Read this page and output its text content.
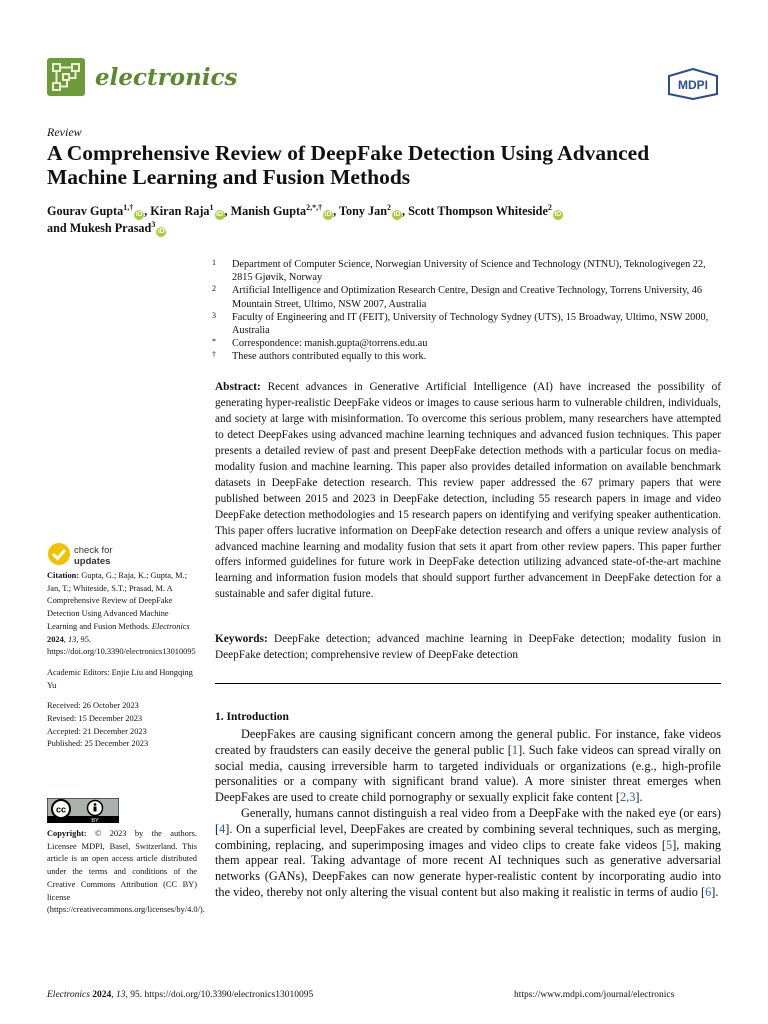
electronics	MDPI
Review
A Comprehensive Review of DeepFake Detection Using Advanced Machine Learning and Fusion Methods
Gourav Gupta$^{1,\dagger}$iD , Kiran Raja$^1$iD , Manish Gupta$^{2,*,\dagger}$iD , Tony Jan$^2$iD , Scott Thompson Whiteside$^2$iD
and Mukesh Prasad$^3$iD
1 Department of Computer Science, Norwegian University of Science and Technology (NTNU), Teknologivegen 22, 2815 Gjøvik, Norway
2 Artificial Intelligence and Optimization Research Centre, Design and Creative Technology, Torrens University, 46 Mountain Street, Ultimo, NSW 2007, Australia
3 Faculty of Engineering and IT (FEIT), University of Technology Sydney (UTS), 15 Broadway, Ultimo, NSW 2000, Australia
* Correspondence: manish.gupta@torrens.edu.au
† These authors contributed equally to this work.
Abstract: Recent advances in Generative Artificial Intelligence (AI) have increased the possibility of generating hyper-realistic DeepFake videos or images to cause serious harm to vulnerable children, individuals, and society at large with misinformation. To overcome this serious problem, many researchers have attempted to detect DeepFakes using advanced machine learning techniques and advanced fusion techniques. This paper presents a detailed review of past and present DeepFake detection methods with a particular focus on media-modality fusion and machine learning. This paper also provides detailed information on available benchmark datasets in DeepFake detection research. This review paper addressed the 67 primary papers that were published between 2015 and 2023 in DeepFake detection, including 55 research papers in image and video DeepFake detection methodologies and 15 research papers on identifying and verifying speaker authentication. This paper offers lucrative information on DeepFake detection research and offers a unique review analysis of advanced machine learning and modality fusion that sets it apart from other review papers. This paper further offers informed guidelines for future work in DeepFake detection utilizing advanced state-of-the-art machine learning and information fusion models that should support further advancement in DeepFake detection for a sustainable and safer digital future.
Keywords: DeepFake detection; advanced machine learning in DeepFake detection; modality fusion in DeepFake detection; comprehensive review of DeepFake detection
1. Introduction

DeepFakes are causing significant concern among the general public. For instance, fake videos created by fraudsters can easily deceive the general public [1]. Such fake videos can spread virally on social media, causing irreversible harm to targeted individuals or organizations (e.g., high-profile personalities or a company with significant brand value). A more sinister threat emerges when DeepFakes are used to create child pornography or sexually explicit fake content [2,3].

Generally, humans cannot distinguish a real video from a DeepFake with the naked eye (or ears) [4]. On a superficial level, DeepFakes are created by combining several techniques, such as merging, combining, replacing, and superimposing images and video clips to create fake videos [5], making them appear real. Taking advantage of more recent AI techniques such as generative adversarial networks (GANs), DeepFakes can now generate hyper-realistic content by incorporating audio into the video, thereby not only altering the visual content but also making it realistic in terms of audio [6].

check for
updates
Citation: Gupta, G.; Raja, K.; Gupta, M.; Jan, T.; Whiteside, S.T.; Prasad, M. A Comprehensive Review of DeepFake Detection Using Advanced Machine Learning and Fusion Methods. Electronics 2024, 13, 95. https://doi.org/10.3390/electronics13010095
Academic Editors: Enjie Liu and Hongqing Yu
Received: 26 October 2023
Revised: 15 December 2023
Accepted: 21 December 2023
Published: 25 December 2023
cc
BY
Copyright: © 2023 by the authors. Licensee MDPI, Basel, Switzerland. This article is an open access article distributed under the terms and conditions of the Creative Commons Attribution (CC BY) license (https://creativecommons.org/licenses/by/4.0/).
Electronics 2024, 13, 95. https://doi.org/10.3390/electronics13010095	https://www.mdpi.com/journal/electronics
